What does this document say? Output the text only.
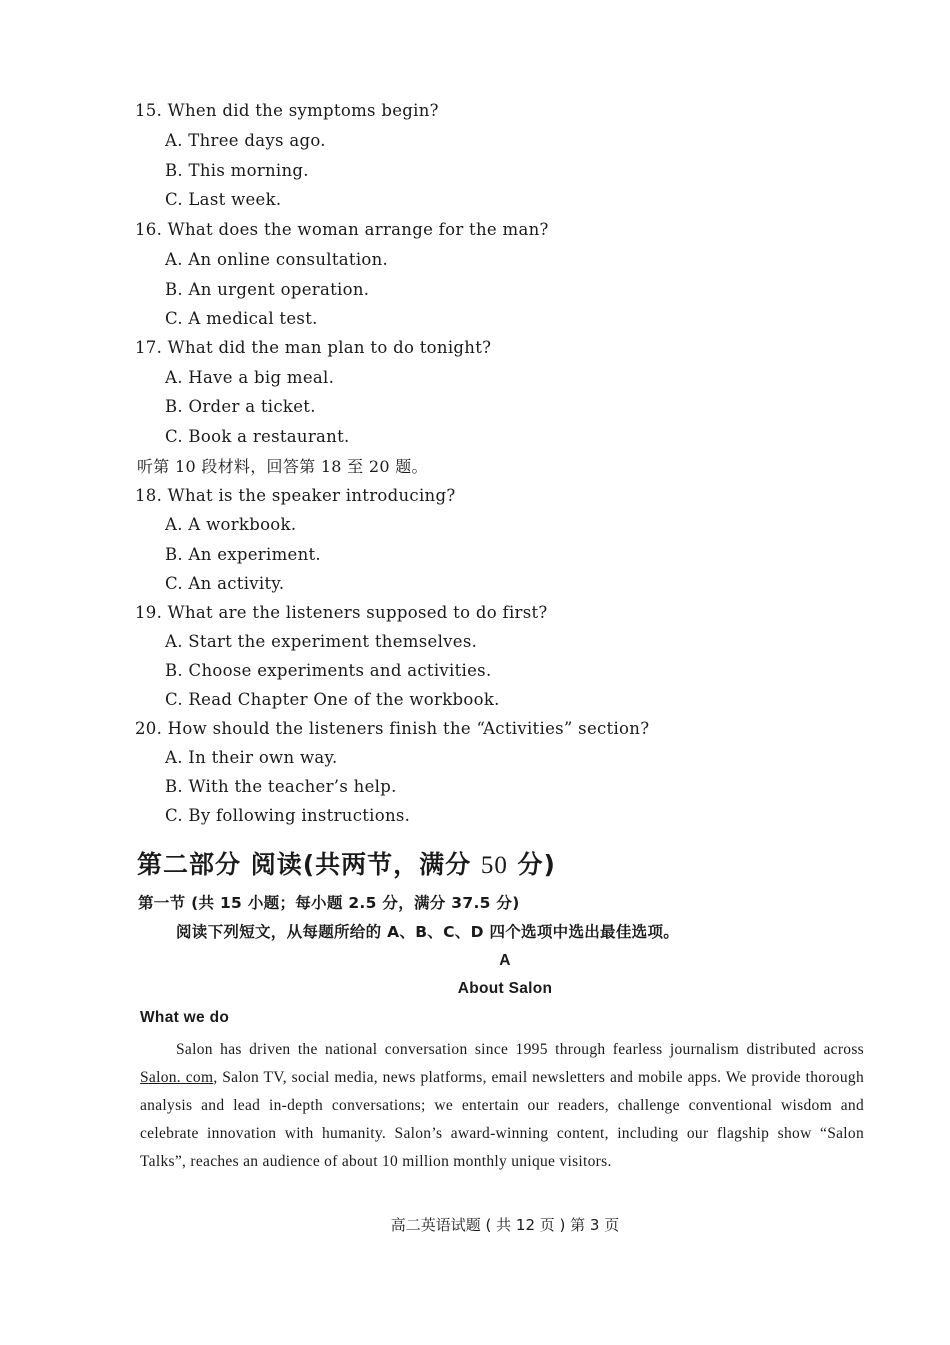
15. When did the symptoms begin?
A. Three days ago.
B. This morning.
C. Last week.
16. What does the woman arrange for the man?
A. An online consultation.
B. An urgent operation.
C. A medical test.
17. What did the man plan to do tonight?
A. Have a big meal.
B. Order a ticket.
C. Book a restaurant.
听第 10 段材料，回答第 18 至 20 题。
18. What is the speaker introducing?
A. A workbook.
B. An experiment.
C. An activity.
19. What are the listeners supposed to do first?
A. Start the experiment themselves.
B. Choose experiments and activities.
C. Read Chapter One of the workbook.
20. How should the listeners finish the “Activities” section?
A. In their own way.
B. With the teacher’s help.
C. By following instructions.
第二部分 阅读(共两节，满分 50 分)
第一节 (共 15 小题；每小题 2.5 分，满分 37.5 分)
阅读下列短文，从每题所给的 A、B、C、D 四个选项中选出最佳选项。
A
About Salon
What we do
Salon has driven the national conversation since 1995 through fearless journalism distributed across Salon. com, Salon TV, social media, news platforms, email newsletters and mobile apps. We provide thorough analysis and lead in-depth conversations; we entertain our readers, challenge conventional wisdom and celebrate innovation with humanity. Salon’s award-winning content, including our flagship show “Salon Talks”, reaches an audience of about 10 million monthly unique visitors.
高二英语试题 ( 共 12 页 ) 第 3 页
